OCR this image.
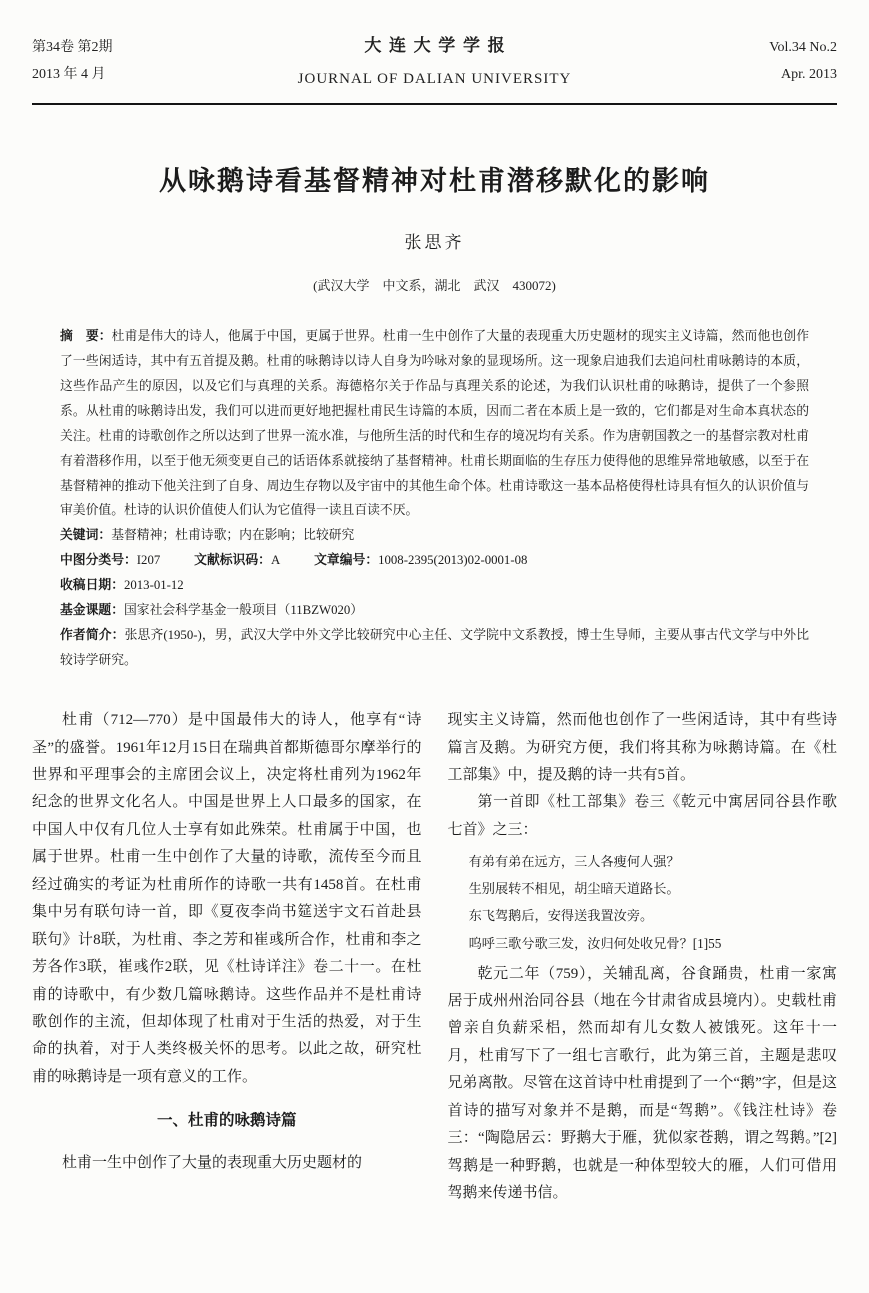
第34卷 第2期
2013 年 4 月
大连大学学报
JOURNAL OF DALIAN UNIVERSITY
Vol.34 No.2
Apr. 2013
从咏鹅诗看基督精神对杜甫潜移默化的影响
张思齐
(武汉大学　中文系，湖北　武汉　430072)

摘　要：杜甫是伟大的诗人，他属于中国，更属于世界。杜甫一生中创作了大量的表现重大历史题材的现实主义诗篇，然而他也创作了一些闲适诗，其中有五首提及鹅。杜甫的咏鹅诗以诗人自身为吟咏对象的显现场所。这一现象启迪我们去追问杜甫咏鹅诗的本质，这些作品产生的原因，以及它们与真理的关系。海德格尔关于作品与真理关系的论述，为我们认识杜甫的咏鹅诗，提供了一个参照系。从杜甫的咏鹅诗出发，我们可以进而更好地把握杜甫民生诗篇的本质，因而二者在本质上是一致的，它们都是对生命本真状态的关注。杜甫的诗歌创作之所以达到了世界一流水准，与他所生活的时代和生存的境况均有关系。作为唐朝国教之一的基督宗教对杜甫有着潜移作用，以至于他无须变更自己的话语体系就接纳了基督精神。杜甫长期面临的生存压力使得他的思维异常地敏感，以至于在基督精神的推动下他关注到了自身、周边生存物以及宇宙中的其他生命个体。杜甫诗歌这一基本品格使得杜诗具有恒久的认识价值与审美价值。杜诗的认识价值使人们认为它值得一读且百读不厌。

关键词：基督精神；杜甫诗歌；内在影响；比较研究

中图分类号：I207	文献标识码：A	文章编号：1008-2395(2013)02-0001-08

收稿日期：2013-01-12

基金课题：国家社会科学基金一般项目（11BZW020）

作者简介：张思齐(1950-)，男，武汉大学中外文学比较研究中心主任、文学院中文系教授，博士生导师，主要从事古代文学与中外比较诗学研究。

杜甫（712—770）是中国最伟大的诗人，他享有“诗圣”的盛誉。1961年12月15日在瑞典首都斯德哥尔摩举行的世界和平理事会的主席团会议上，决定将杜甫列为1962年纪念的世界文化名人。中国是世界上人口最多的国家，在中国人中仅有几位人士享有如此殊荣。杜甫属于中国，也属于世界。杜甫一生中创作了大量的诗歌，流传至今而且经过确实的考证为杜甫所作的诗歌一共有1458首。在杜甫集中另有联句诗一首，即《夏夜李尚书筵送宇文石首赴县联句》计8联，为杜甫、李之芳和崔彧所合作，杜甫和李之芳各作3联，崔彧作2联，见《杜诗详注》卷二十一。在杜甫的诗歌中，有少数几篇咏鹅诗。这些作品并不是杜甫诗歌创作的主流，但却体现了杜甫对于生活的热爱，对于生命的执着，对于人类终极关怀的思考。以此之故，研究杜甫的咏鹅诗是一项有意义的工作。

一、杜甫的咏鹅诗篇

杜甫一生中创作了大量的表现重大历史题材的

现实主义诗篇，然而他也创作了一些闲适诗，其中有些诗篇言及鹅。为研究方便，我们将其称为咏鹅诗篇。在《杜工部集》中，提及鹅的诗一共有5首。

第一首即《杜工部集》卷三《乾元中寓居同谷县作歌七首》之三：

有弟有弟在远方，三人各瘦何人强？
生别展转不相见，胡尘暗天道路长。
东飞驾鹅后，安得送我置汝旁。
呜呼三歌兮歌三发，汝归何处收兄骨？[1]55

乾元二年（759），关辅乱离，谷食踊贵，杜甫一家寓居于成州州治同谷县（地在今甘肃省成县境内）。史载杜甫曾亲自负薪采梠，然而却有儿女数人被饿死。这年十一月，杜甫写下了一组七言歌行，此为第三首，主题是悲叹兄弟离散。尽管在这首诗中杜甫提到了一个“鹅”字，但是这首诗的描写对象并不是鹅，而是“驾鹅”。《钱注杜诗》卷三：“陶隐居云：野鹅大于雁，犹似家苍鹅，谓之驾鹅。”[2]驾鹅是一种野鹅，也就是一种体型较大的雁，人们可借用驾鹅来传递书信。
